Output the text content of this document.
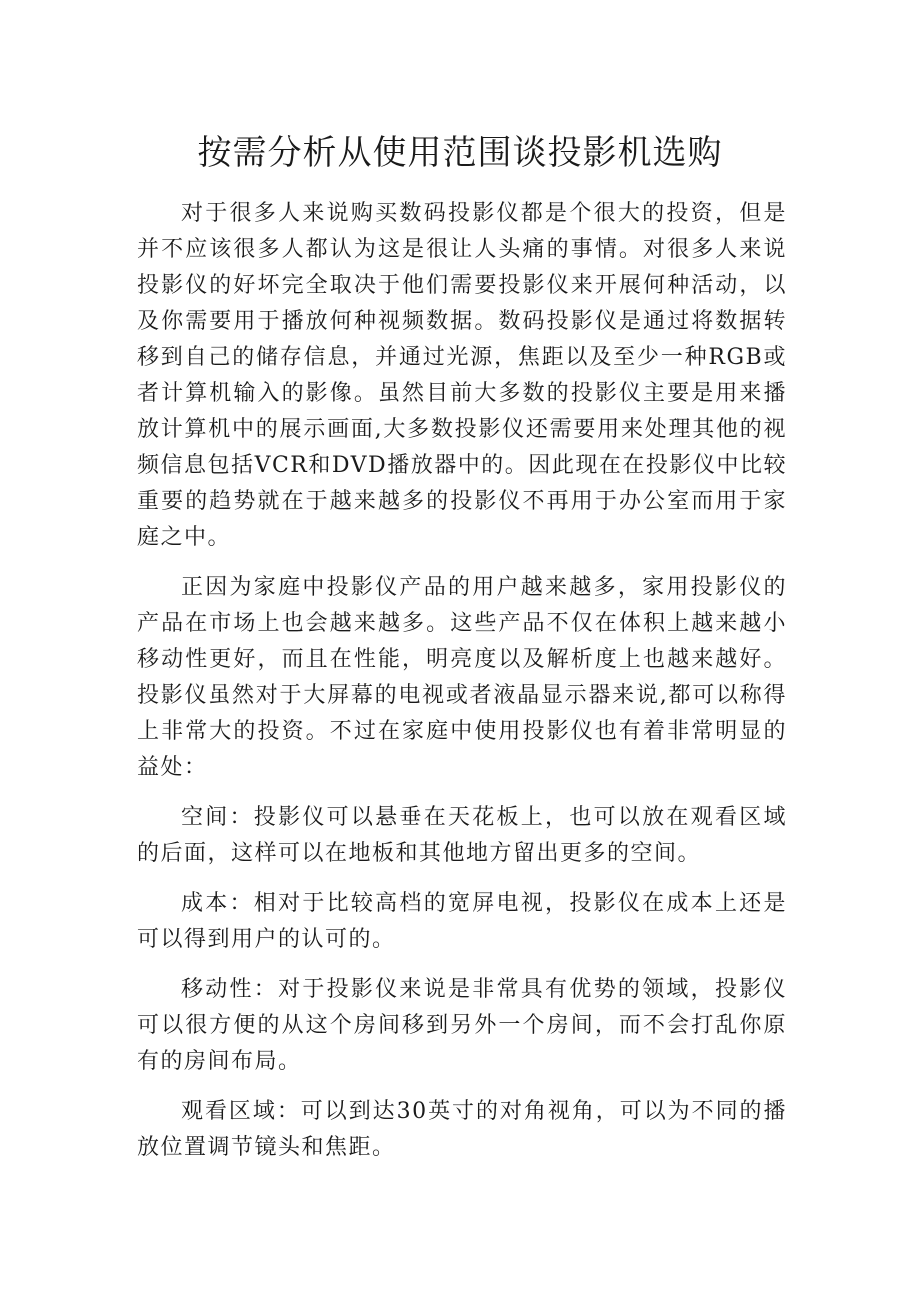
按需分析从使用范围谈投影机选购

对于很多人来说购买数码投影仪都是个很大的投资，但是并不应该很多人都认为这是很让人头痛的事情。对很多人来说投影仪的好坏完全取决于他们需要投影仪来开展何种活动，以及你需要用于播放何种视频数据。数码投影仪是通过将数据转移到自己的储存信息，并通过光源，焦距以及至少一种RGB或者计算机输入的影像。虽然目前大多数的投影仪主要是用来播放计算机中的展示画面,大多数投影仪还需要用来处理其他的视频信息包括VCR和DVD播放器中的。因此现在在投影仪中比较重要的趋势就在于越来越多的投影仪不再用于办公室而用于家庭之中。

正因为家庭中投影仪产品的用户越来越多，家用投影仪的产品在市场上也会越来越多。这些产品不仅在体积上越来越小移动性更好，而且在性能，明亮度以及解析度上也越来越好。投影仪虽然对于大屏幕的电视或者液晶显示器来说,都可以称得上非常大的投资。不过在家庭中使用投影仪也有着非常明显的益处：

空间：投影仪可以悬垂在天花板上，也可以放在观看区域的后面，这样可以在地板和其他地方留出更多的空间。

成本：相对于比较高档的宽屏电视，投影仪在成本上还是可以得到用户的认可的。

移动性：对于投影仪来说是非常具有优势的领域，投影仪可以很方便的从这个房间移到另外一个房间，而不会打乱你原有的房间布局。

观看区域：可以到达30英寸的对角视角，可以为不同的播放位置调节镜头和焦距。
